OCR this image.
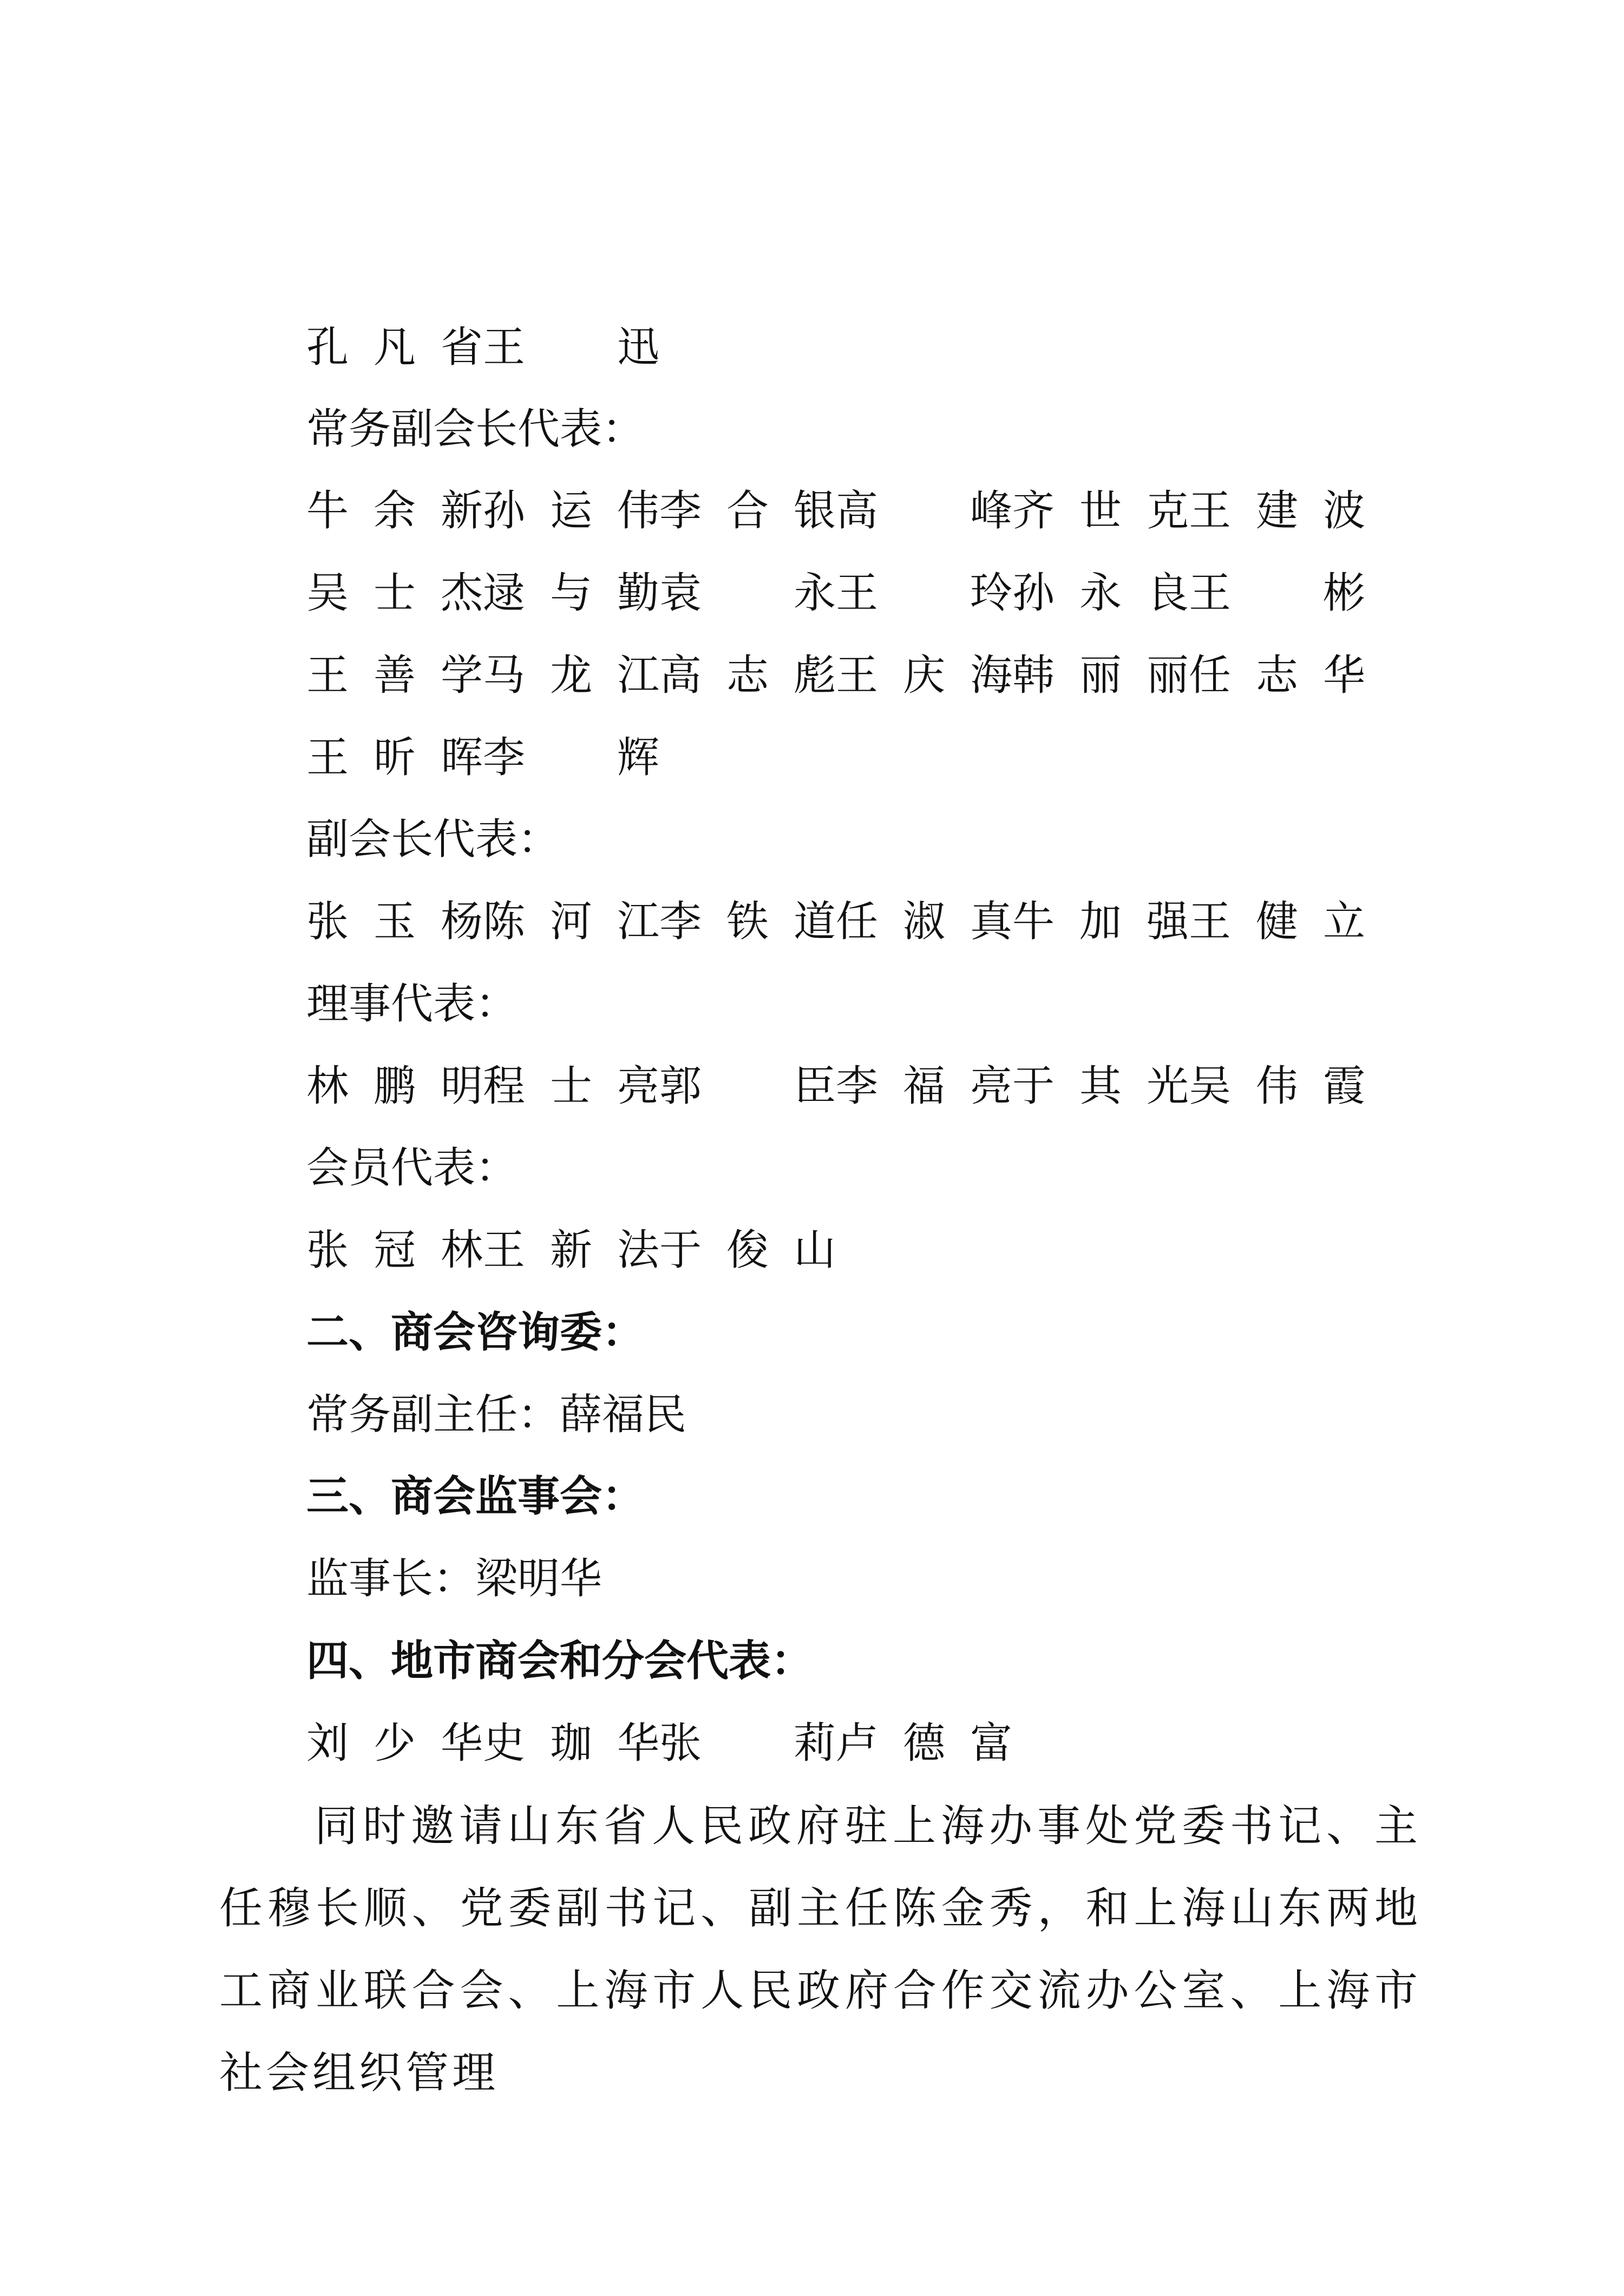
孔 凡 省 王
迅
常务副会长代表：
牛 余 新 孙 运 伟 李 合 银 高
峰 齐 世 克 王 建 波
吴 士 杰 逯 与 勤 袁
永 王
玲 孙 永 良 王
彬
王 善 学 马 龙 江 高 志 彪 王 庆 海 韩 丽 丽 任 志 华
王 昕 晖 李
辉
副会长代表：
张 玉 杨 陈 河 江 李 铁 道 任 淑 真 牛 加 强 王 健 立
理事代表：
林 鹏 明 程 士 亮 郭
臣 李 福 亮 于 其 光 吴 伟 霞
会员代表：
张 冠 林 王 新 法 于 俊 山
二、商会咨询委：
常务副主任：薛福民
三、商会监事会：
监事长：梁明华
四、地市商会和分会代表：
刘 少 华 史 珈 华 张
莉 卢 德 富
同时邀请山东省人民政府驻上海办事处党委书记、主任穆长顺、党委副书记、副主任陈金秀，和上海山东两地工商业联合会、上海市人民政府合作交流办公室、上海市社会组织管理
